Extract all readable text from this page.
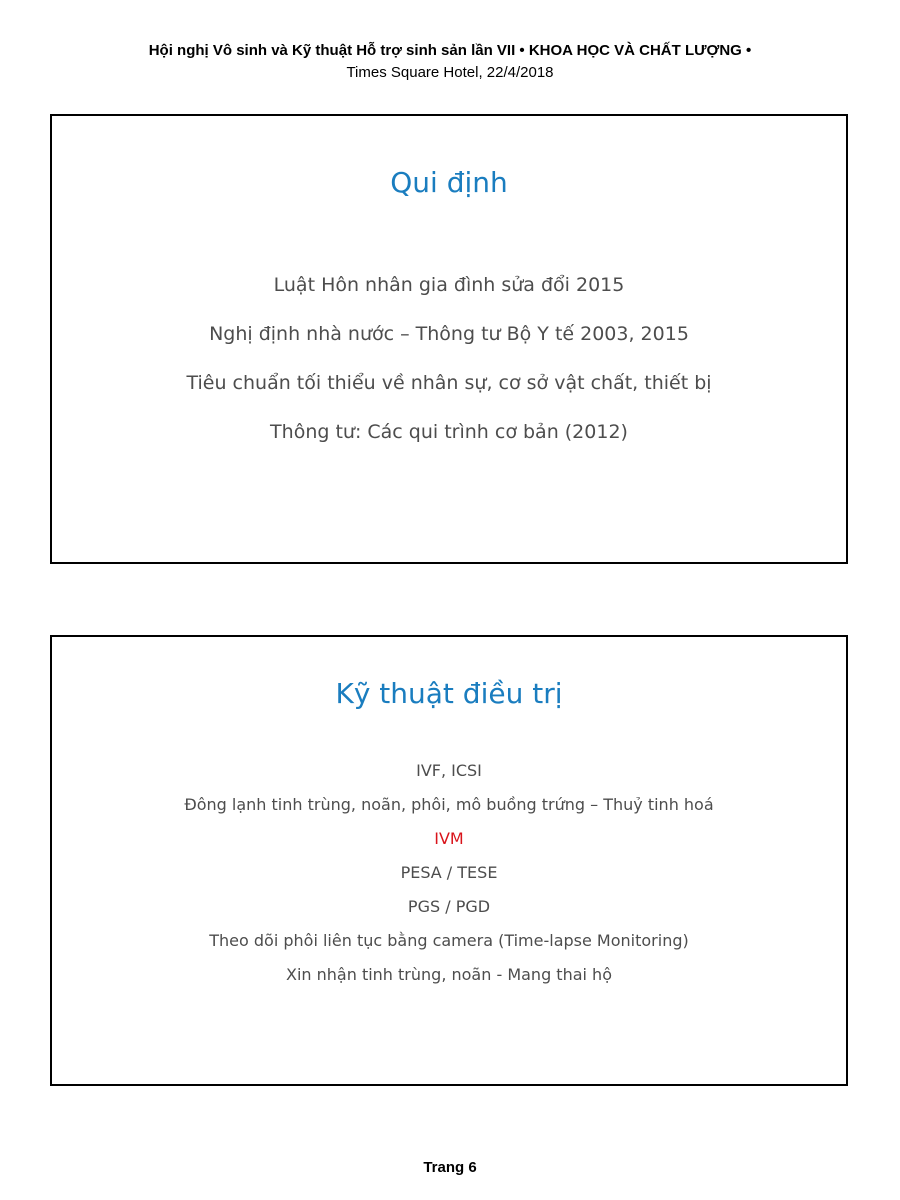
Hội nghị Vô sinh và Kỹ thuật Hỗ trợ sinh sản lần VII • KHOA HỌC VÀ CHẤT LƯỢNG •

Times Square Hotel, 22/4/2018

Qui định
Luật Hôn nhân gia đình sửa đổi 2015
Nghị định nhà nước – Thông tư Bộ Y tế 2003, 2015
Tiêu chuẩn tối thiểu về nhân sự, cơ sở vật chất, thiết bị
Thông tư: Các qui trình cơ bản (2012)
Kỹ thuật điều trị
IVF, ICSI
Đông lạnh tinh trùng, noãn, phôi, mô buồng trứng – Thuỷ tinh hoá
IVM
PESA / TESE
PGS / PGD
Theo dõi phôi liên tục bằng camera (Time-lapse Monitoring)
Xin nhận tinh trùng, noãn - Mang thai hộ
Trang 6
